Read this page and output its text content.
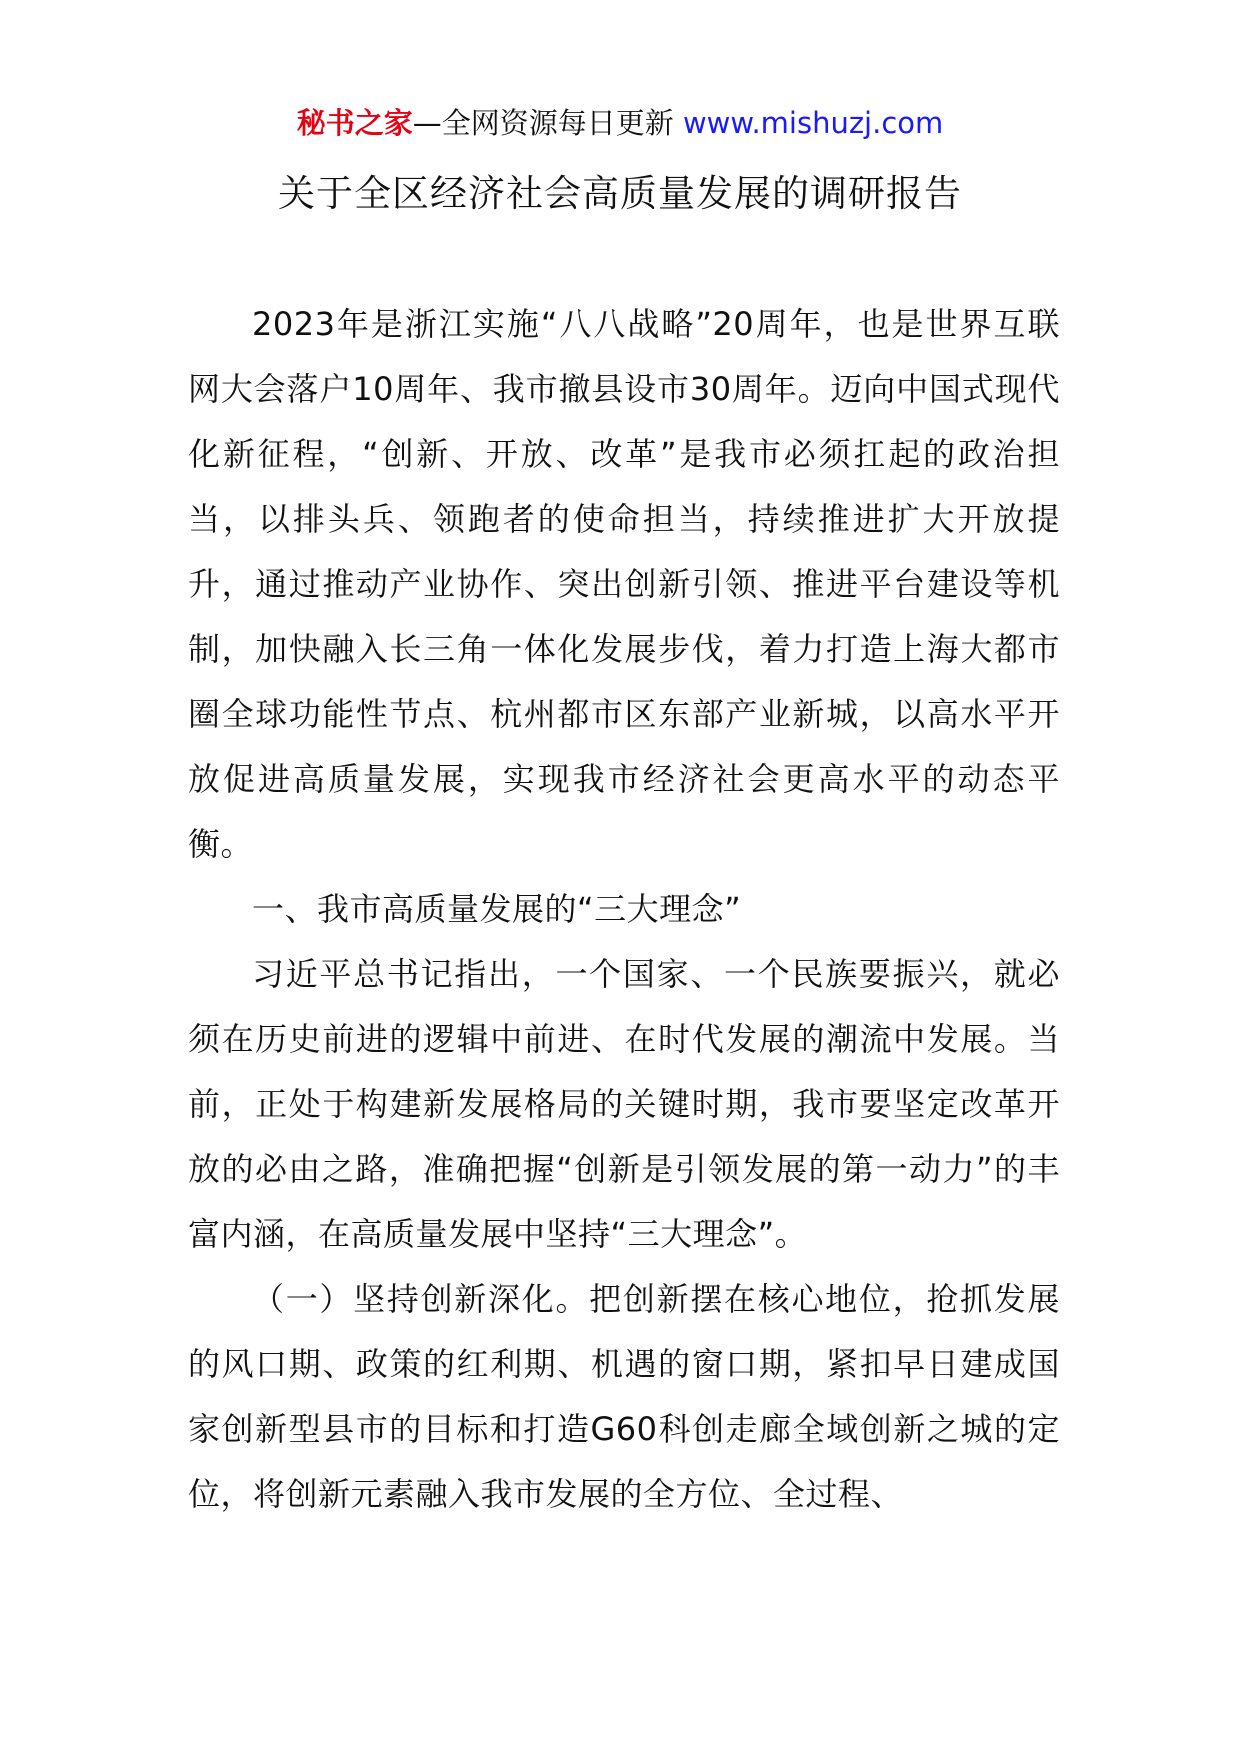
秘书之家—全网资源每日更新 www.mishuzj.com
关于全区经济社会高质量发展的调研报告

2023年是浙江实施“八八战略”20周年，也是世界互联网大会落户10周年、我市撤县设市30周年。迈向中国式现代化新征程，“创新、开放、改革”是我市必须扛起的政治担当，以排头兵、领跑者的使命担当，持续推进扩大开放提升，通过推动产业协作、突出创新引领、推进平台建设等机制，加快融入长三角一体化发展步伐，着力打造上海大都市圈全球功能性节点、杭州都市区东部产业新城，以高水平开放促进高质量发展，实现我市经济社会更高水平的动态平衡。

一、我市高质量发展的“三大理念”

习近平总书记指出，一个国家、一个民族要振兴，就必须在历史前进的逻辑中前进、在时代发展的潮流中发展。当前，正处于构建新发展格局的关键时期，我市要坚定改革开放的必由之路，准确把握“创新是引领发展的第一动力”的丰富内涵，在高质量发展中坚持“三大理念”。

（一）坚持创新深化。把创新摆在核心地位，抢抓发展的风口期、政策的红利期、机遇的窗口期，紧扣早日建成国家创新型县市的目标和打造G60科创走廊全域创新之城的定位，将创新元素融入我市发展的全方位、全过程、
